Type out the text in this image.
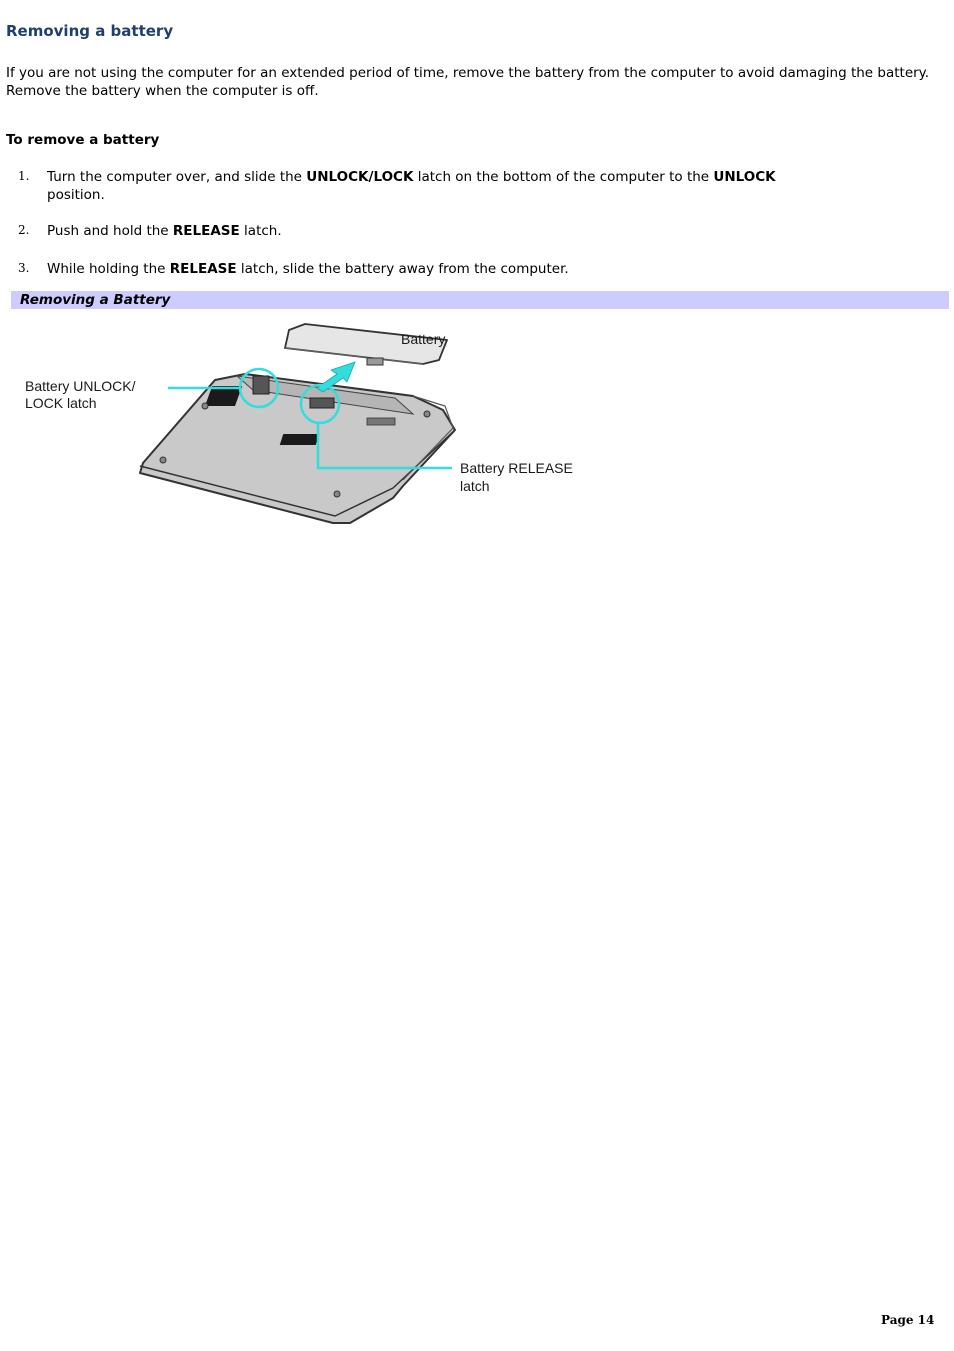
Removing a battery

If you are not using the computer for an extended period of time, remove the battery from the computer to avoid damaging the battery. Remove the battery when the computer is off.

To remove a battery
1. Turn the computer over, and slide the UNLOCK/LOCK latch on the bottom of the computer to the UNLOCK
position.
2. Push and hold the RELEASE latch.
3. While holding the RELEASE latch, slide the battery away from the computer.
Removing a Battery
Battery
Battery UNLOCK/
LOCK latch
Battery RELEASE
latch
Page 14
